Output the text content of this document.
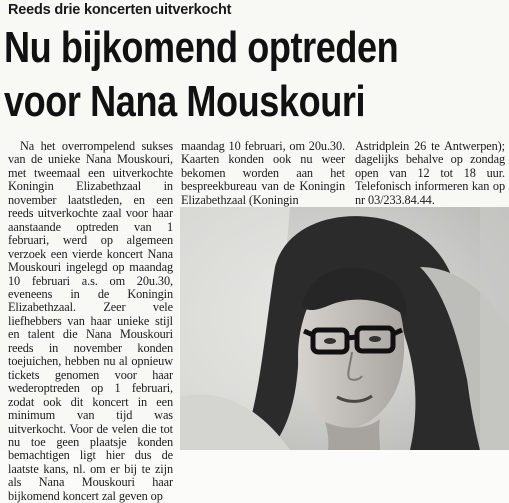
Reeds drie koncerten uitverkocht
Nu bijkomend optreden
voor Nana Mouskouri

Na het overrompelend sukses van de unieke Nana Mouskouri, met tweemaal een uitverkochte Koningin Elizabethzaal in november laatstleden, en een reeds uitverkochte zaal voor haar aanstaande optreden van 1 februari, werd op algemeen verzoek een vierde koncert Nana Mouskouri ingelegd op maandag 10 februari a.s. om 20u.30, eveneens in de Koningin Elizabethzaal. Zeer vele liefhebbers van haar unieke stijl en talent die Nana Mouskouri reeds in november konden toejuichen, hebben nu al opnieuw tickets genomen voor haar wederoptreden op 1 februari, zodat ook dit koncert in een minimum van tijd was uitverkocht. Voor de velen die tot nu toe geen plaatsje konden bemachtigen ligt hier dus de laatste kans, nl. om er bij te zijn als Nana Mouskouri haar bijkomend koncert zal geven op

maandag 10 februari, om 20u.30. Kaarten konden ook nu weer bekomen worden aan het bespreekbureau van de Koningin Elizabethzaal (Koningin

Astridplein 26 te Antwerpen); dagelijks behalve op zondag open van 12 tot 18 uur. Telefonisch informeren kan op nr 03/233.84.44.
